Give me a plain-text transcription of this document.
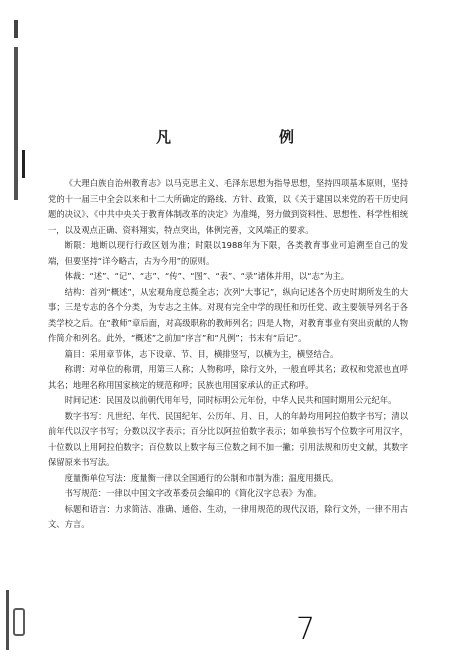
凡　　例

《大理白族自治州教育志》以马克思主义、毛泽东思想为指导思想，坚持四项基本原则，坚持党的十一届三中全会以来和十二大所确定的路线、方针、政策，以《关于建国以来党的若干历史问题的决议》、《中共中央关于教育体制改革的决定》为准绳，努力做到资料性、思想性、科学性相统一，以及观点正确、资料翔实，特点突出，体例完善，文风端正的要求。

断限：地断以现行行政区划为准；时限以1988年为下限，各类教育事业可追溯至自己的发端，但要坚持“详今略古，古为今用”的原则。

体裁：“述”、“记”、“志”、“传”、“图”、“表”、“录”诸体并用，以“志”为主。

结构：首列“概述”，从宏观角度总揽全志；次列“大事记”，纵向记述各个历史时期所发生的大事；三是专志的各个分类，为专志之主体。对现有完全中学的现任和历任党、政主要领导列名于各类学校之后。在“教师”章后面，对高级职称的教师列名；四是人物，对教育事业有突出贡献的人物作简介和列名。此外，“概述”之前加“序言”和“凡例”；书末有“后记”。

篇目：采用章节体，志下设章、节、目，横排竖写，以横为主，横竖结合。

称谓：对单位的称谓，用第三人称；人物称呼，除行文外，一般直呼其名；政权和党派也直呼其名；地理名称用国家核定的规范称呼；民族也用国家承认的正式称呼。

时间记述：民国及以前朝代用年号，同时标明公元年份，中华人民共和国时期用公元纪年。

数字书写：凡世纪、年代、民国纪年、公历年、月、日，人的年龄均用阿拉伯数字书写；清以前年代以汉字书写；分数以汉字表示；百分比以阿拉伯数字表示；如单独书写个位数字可用汉字，十位数以上用阿拉伯数字；百位数以上数字每三位数之间不加一撇；引用法规和历史文献，其数字保留原来书写法。

度量衡单位写法：度量衡一律以全国通行的公制和市制为准；温度用摄氏。

书写规范：一律以中国文字改革委员会编印的《简化汉字总表》为准。

标题和语言：力求简洁、准确、通俗、生动，一律用规范的现代汉语，除行文外，一律不用古文、方言。

7
